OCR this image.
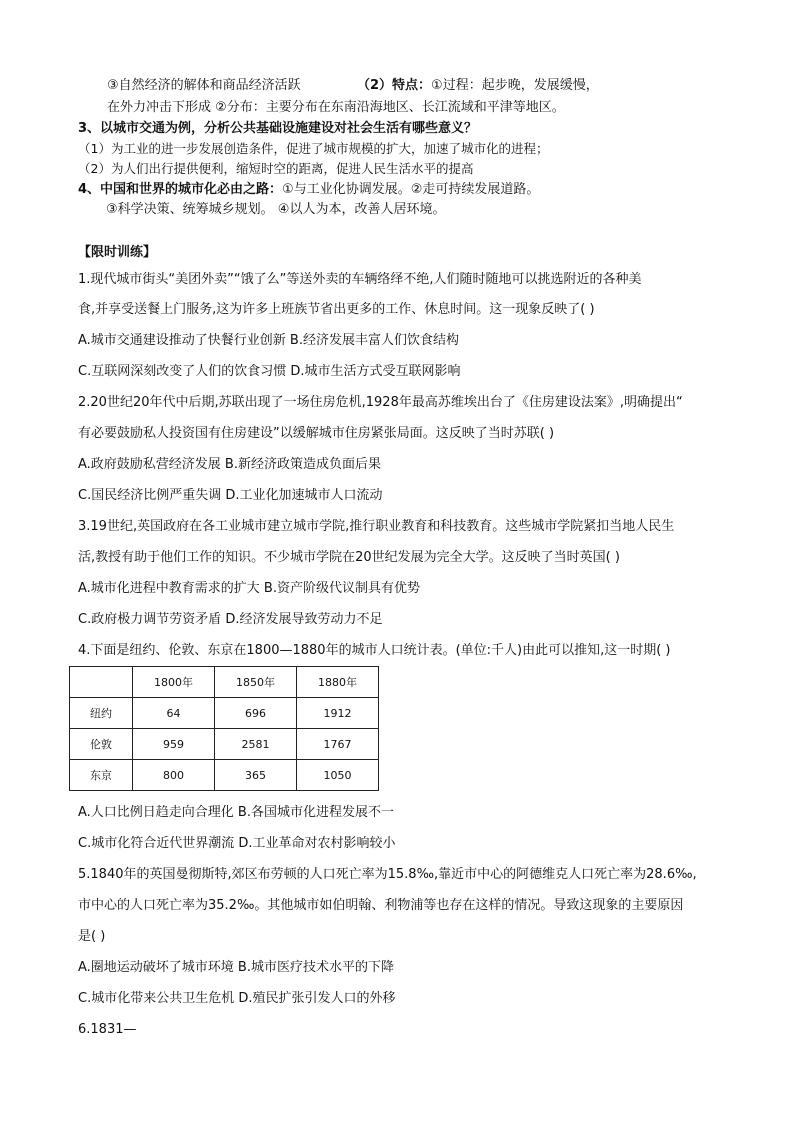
③自然经济的解体和商品经济活跃	（2）特点：①过程：起步晚，发展缓慢，
在外力冲击下形成 ②分布：主要分布在东南沿海地区、长江流域和平津等地区。
3、以城市交通为例，分析公共基础设施建设对社会生活有哪些意义？
（1）为工业的进一步发展创造条件，促进了城市规模的扩大，加速了城市化的进程；
（2）为人们出行提供便利，缩短时空的距离，促进人民生活水平的提高
4、中国和世界的城市化必由之路：①与工业化协调发展。②走可持续发展道路。
③科学决策、统筹城乡规划。 ④以人为本，改善人居环境。
【限时训练】
1.现代城市街头“美团外卖”“饿了么”等送外卖的车辆络绎不绝,人们随时随地可以挑选附近的各种美
食,并享受送餐上门服务,这为许多上班族节省出更多的工作、休息时间。这一现象反映了( )
A.城市交通建设推动了快餐行业创新 B.经济发展丰富人们饮食结构
C.互联网深刻改变了人们的饮食习惯 D.城市生活方式受互联网影响
2.20世纪20年代中后期,苏联出现了一场住房危机,1928年最高苏维埃出台了《住房建设法案》,明确提出“
有必要鼓励私人投资国有住房建设”以缓解城市住房紧张局面。这反映了当时苏联( )
A.政府鼓励私营经济发展 B.新经济政策造成负面后果
C.国民经济比例严重失调 D.工业化加速城市人口流动
3.19世纪,英国政府在各工业城市建立城市学院,推行职业教育和科技教育。这些城市学院紧扣当地人民生
活,教授有助于他们工作的知识。不少城市学院在20世纪发展为完全大学。这反映了当时英国( )
A.城市化进程中教育需求的扩大 B.资产阶级代议制具有优势
C.政府极力调节劳资矛盾 D.经济发展导致劳动力不足
4.下面是纽约、伦敦、东京在1800—1880年的城市人口统计表。(单位:千人)由此可以推知,这一时期( )
	1800年	1850年	1880年
纽约	64	696	1912
伦敦	959	2581	1767
东京	800	365	1050
A.人口比例日趋走向合理化 B.各国城市化进程发展不一
C.城市化符合近代世界潮流 D.工业革命对农村影响较小
5.1840年的英国曼彻斯特,郊区布劳顿的人口死亡率为15.8‰,靠近市中心的阿德维克人口死亡率为28.6‰,
市中心的人口死亡率为35.2‰。其他城市如伯明翰、利物浦等也存在这样的情况。导致这现象的主要原因
是( )
A.圈地运动破坏了城市环境 B.城市医疗技术水平的下降
C.城市化带来公共卫生危机 D.殖民扩张引发人口的外移
6.1831—
